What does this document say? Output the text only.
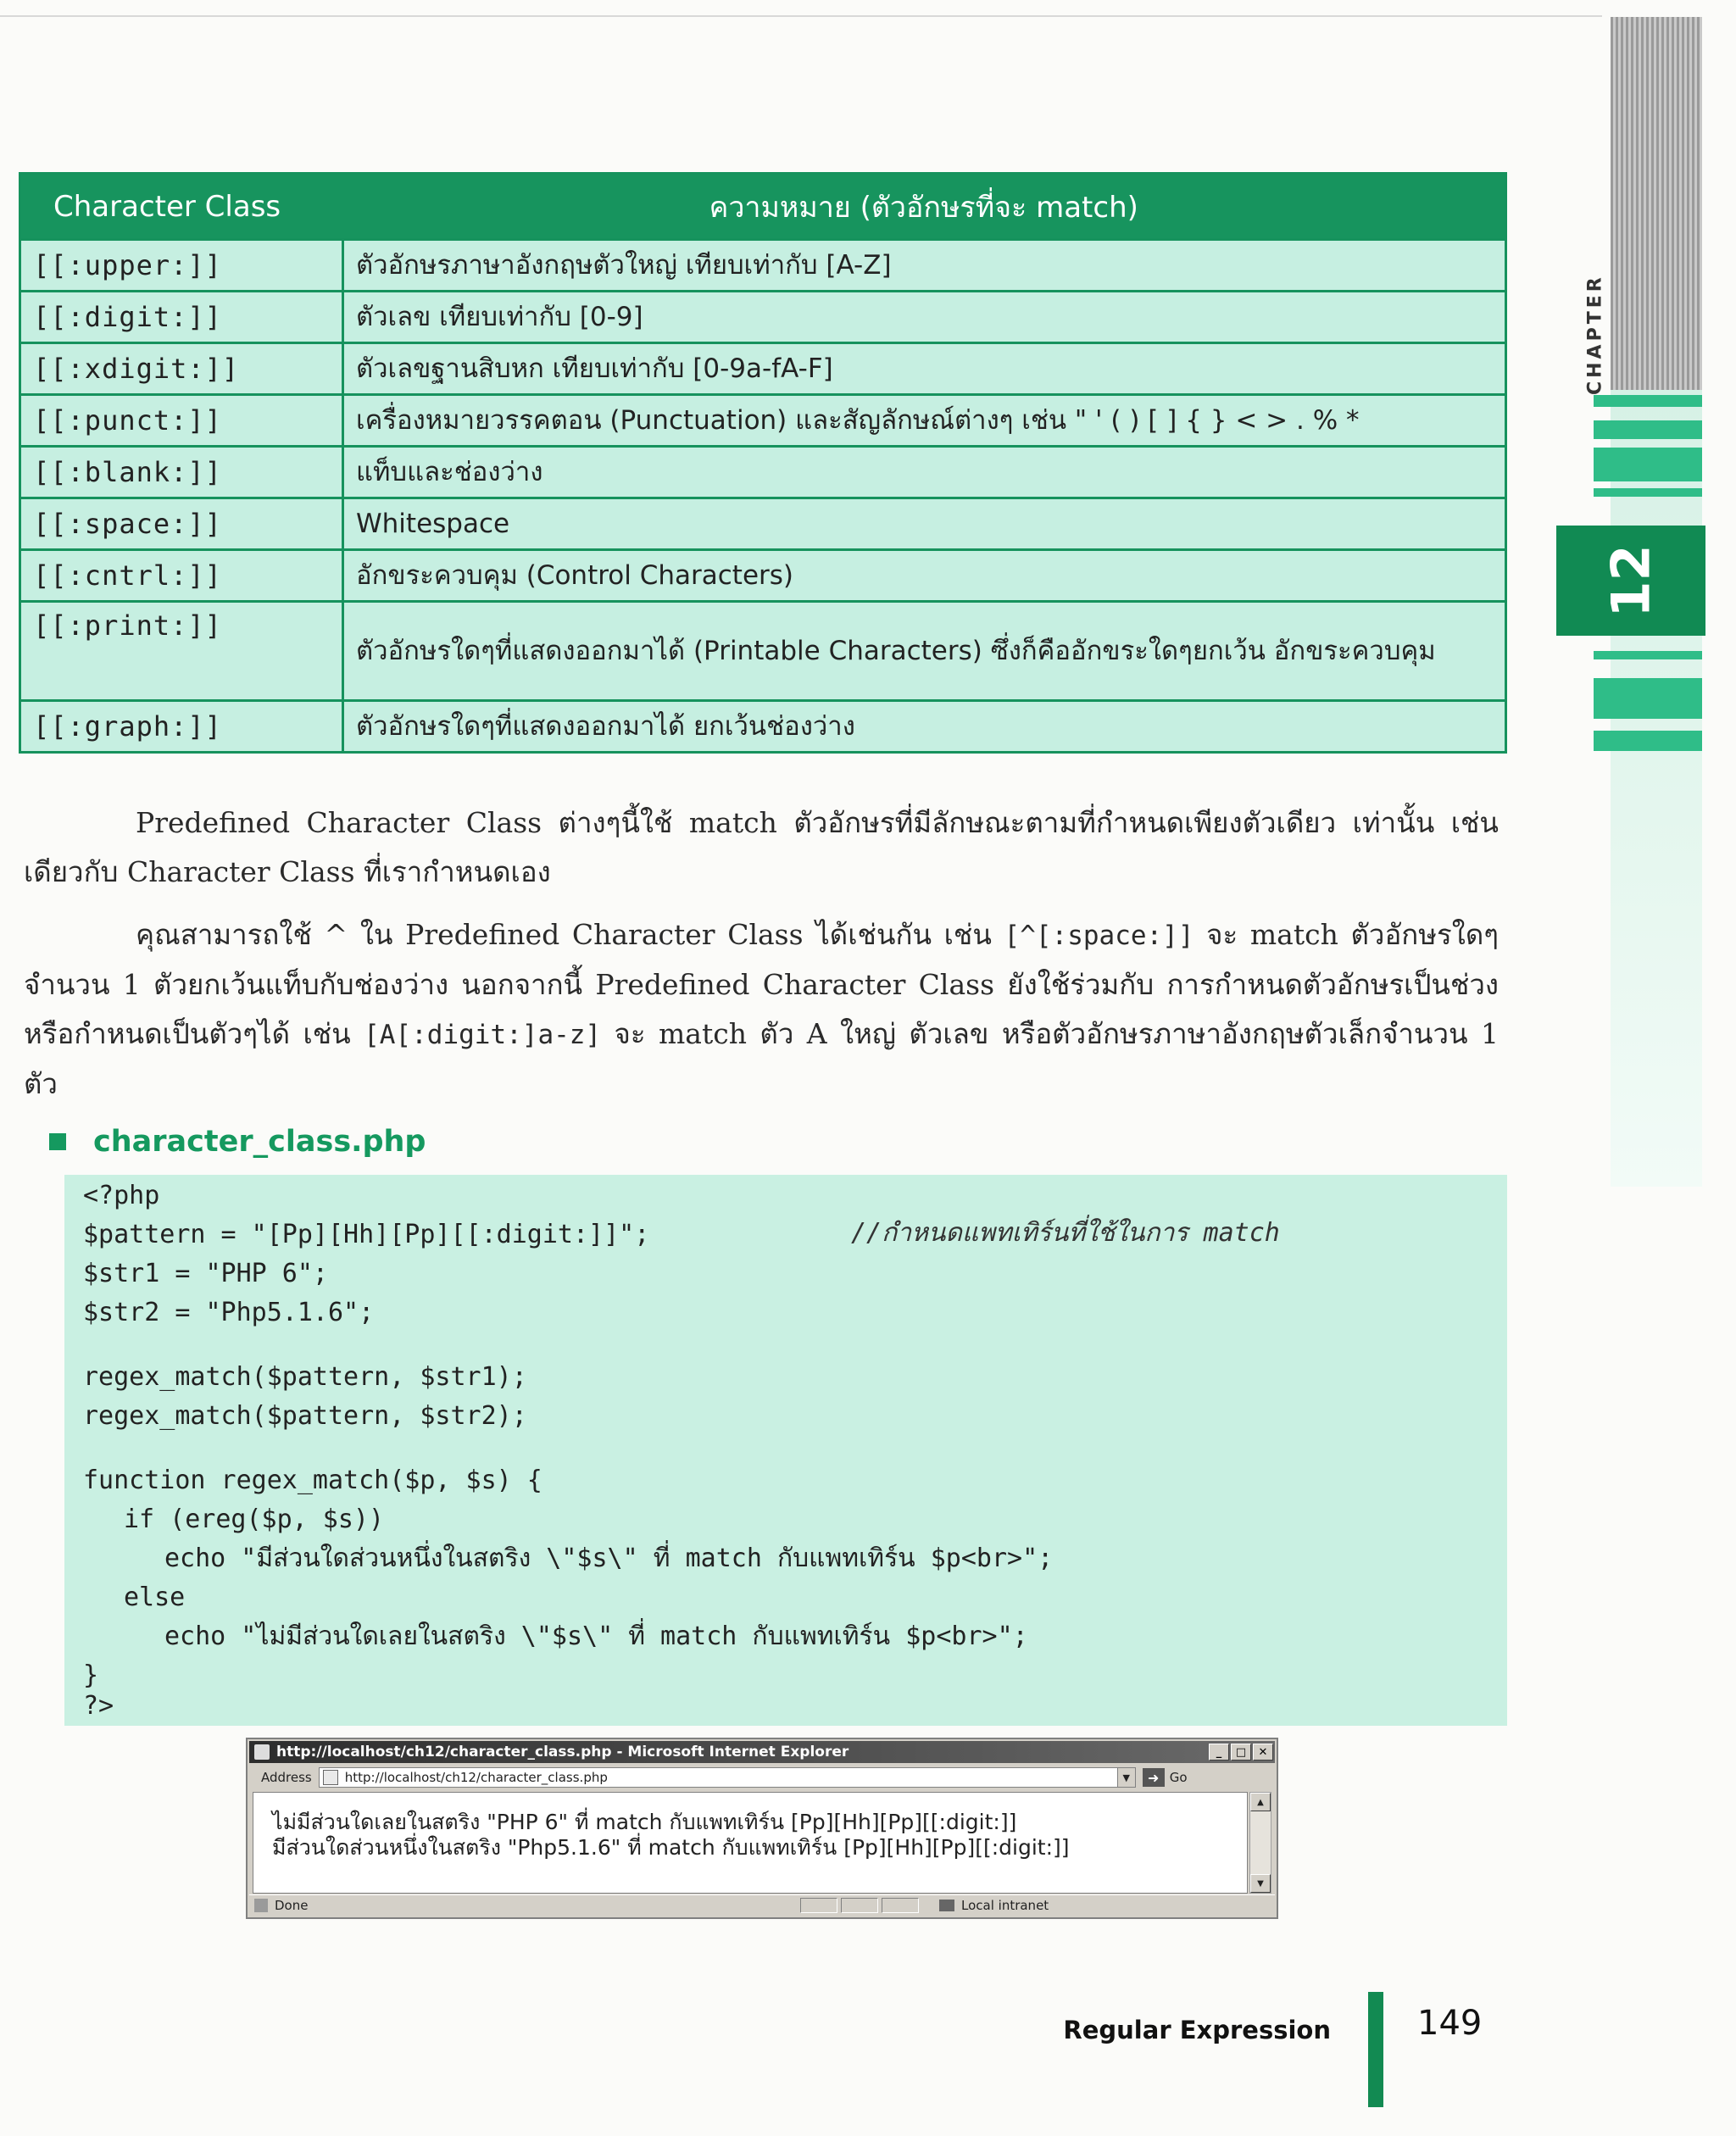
CHAPTER
12
Character Class	ความหมาย (ตัวอักษรที่จะ match)
[[:upper:]]	ตัวอักษรภาษาอังกฤษตัวใหญ่ เทียบเท่ากับ [A-Z]
[[:digit:]]	ตัวเลข เทียบเท่ากับ [0-9]
[[:xdigit:]]	ตัวเลขฐานสิบหก เทียบเท่ากับ [0-9a-fA-F]
[[:punct:]]	เครื่องหมายวรรคตอน (Punctuation) และสัญลักษณ์ต่างๆ เช่น " ' ( ) [ ] { } < > . % *
[[:blank:]]	แท็บและช่องว่าง
[[:space:]]	Whitespace
[[:cntrl:]]	อักขระควบคุม (Control Characters)
[[:print:]]	ตัวอักษรใดๆที่แสดงออกมาได้ (Printable Characters) ซึ่งก็คืออักขระใดๆยกเว้น อักขระควบคุม
[[:graph:]]	ตัวอักษรใดๆที่แสดงออกมาได้ ยกเว้นช่องว่าง

Predefined Character Class ต่างๆนี้ใช้ match ตัวอักษรที่มีลักษณะตามที่กำหนดเพียงตัวเดียว เท่านั้น เช่นเดียวกับ Character Class ที่เรากำหนดเอง

คุณสามารถใช้ ^ ใน Predefined Character Class ได้เช่นกัน เช่น [^[:space:]] จะ match ตัวอักษรใดๆจำนวน 1 ตัวยกเว้นแท็บกับช่องว่าง นอกจากนี้ Predefined Character Class ยังใช้ร่วมกับ การกำหนดตัวอักษรเป็นช่วงหรือกำหนดเป็นตัวๆได้ เช่น [A[:digit:]a-z] จะ match ตัว A ใหญ่ ตัวเลข หรือตัวอักษรภาษาอังกฤษตัวเล็กจำนวน 1 ตัว

character_class.php
<?php
$pattern = "[Pp][Hh][Pp][[:digit:]]";	//กำหนดแพทเทิร์นที่ใช้ในการ match
$str1 = "PHP 6";
$str2 = "Php5.1.6";
regex_match($pattern, $str1);
regex_match($pattern, $str2);
function regex_match($p, $s) {
if (ereg($p, $s))
echo "มีส่วนใดส่วนหนึ่งในสตริง \"$s\" ที่ match กับแพทเทิร์น $p<br>";
else
echo "ไม่มีส่วนใดเลยในสตริง \"$s\" ที่ match กับแพทเทิร์น $p<br>";
}
?>
http://localhost/ch12/character_class.php - Microsoft Internet Explorer	_	□	✕
Address	http://localhost/ch12/character_class.php	▼	➜ Go
ไม่มีส่วนใดเลยในสตริง "PHP 6" ที่ match กับแพทเทิร์น [Pp][Hh][Pp][[:digit:]]
มีส่วนใดส่วนหนึ่งในสตริง "Php5.1.6" ที่ match กับแพทเทิร์น [Pp][Hh][Pp][[:digit:]]
▲
▼
Done	Local intranet
Regular Expression	149
